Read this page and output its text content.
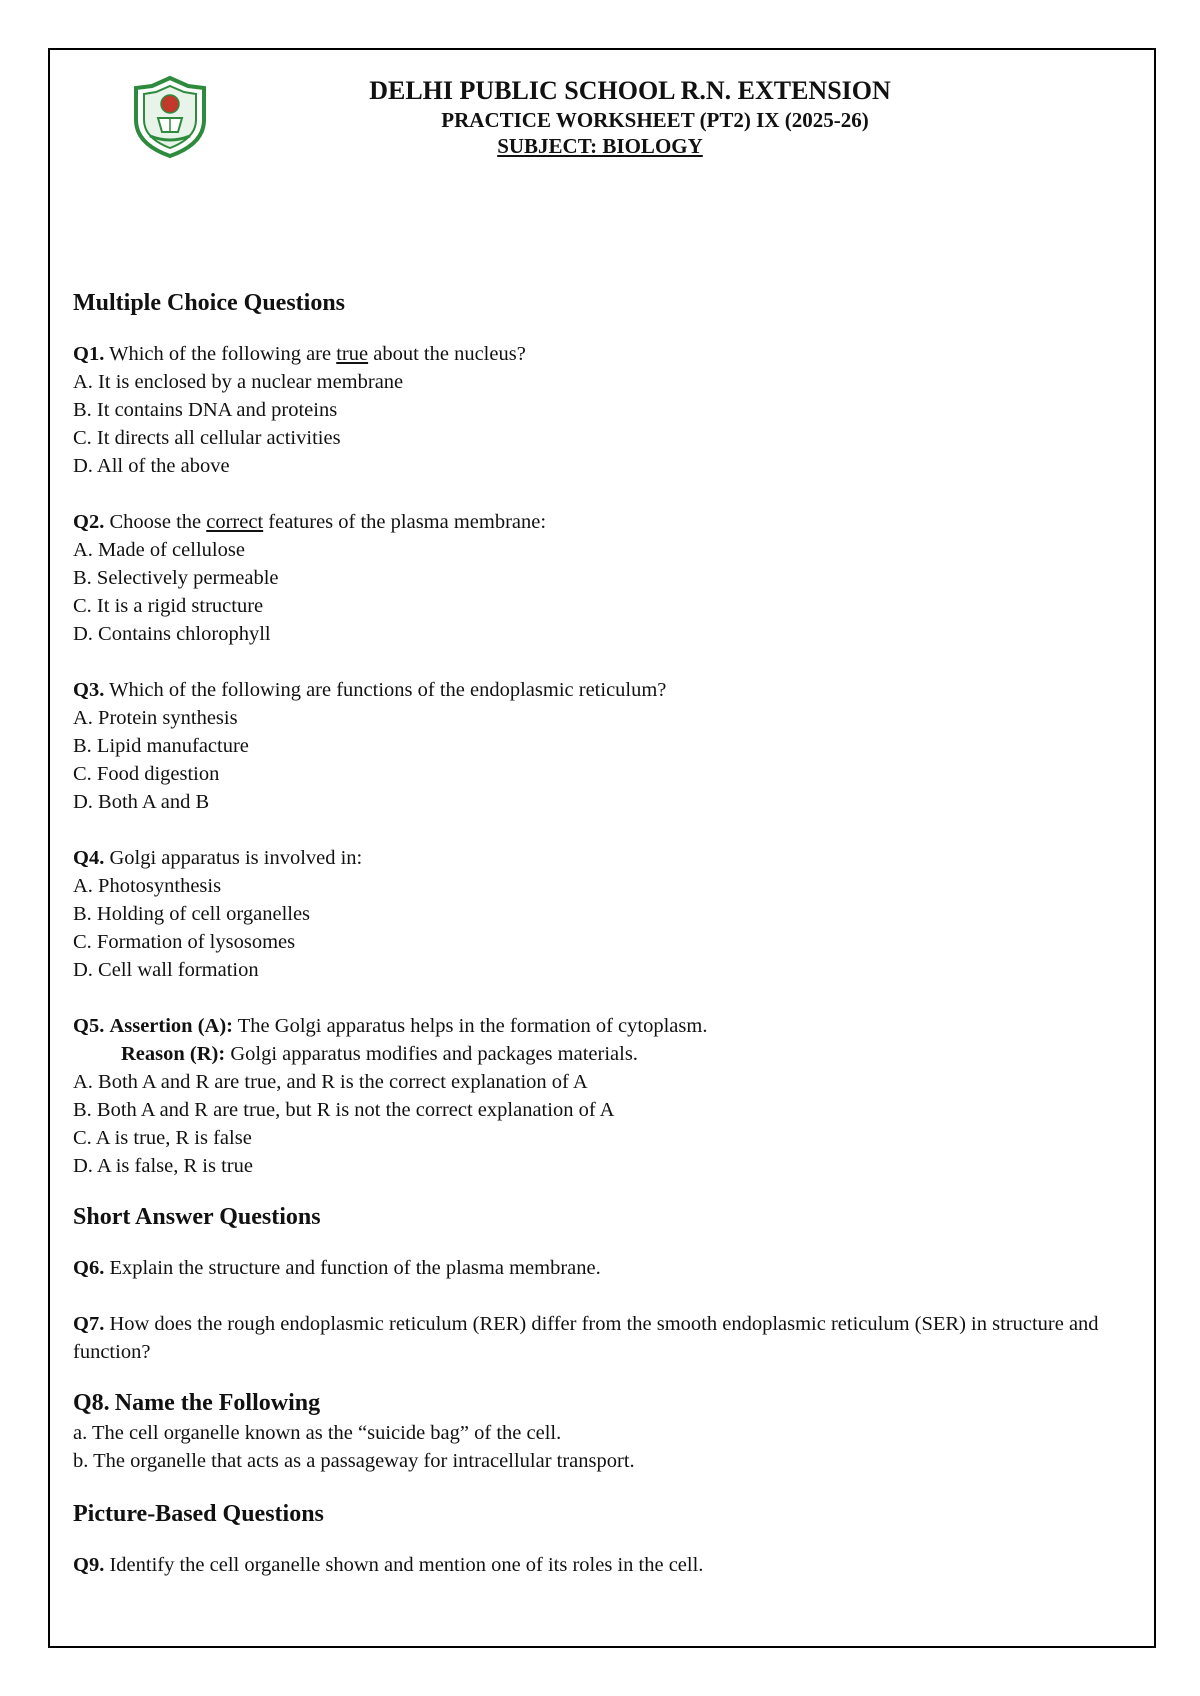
DELHI PUBLIC SCHOOL R.N. EXTENSION
PRACTICE WORKSHEET (PT2) IX (2025-26)
SUBJECT: BIOLOGY
Multiple Choice Questions

Q1. Which of the following are true about the nucleus?

A. It is enclosed by a nuclear membrane

B. It contains DNA and proteins

C. It directs all cellular activities

D. All of the above

Q2. Choose the correct features of the plasma membrane:

A. Made of cellulose

B. Selectively permeable

C. It is a rigid structure

D. Contains chlorophyll

Q3. Which of the following are functions of the endoplasmic reticulum?

A. Protein synthesis

B. Lipid manufacture

C. Food digestion

D. Both A and B

Q4. Golgi apparatus is involved in:

A. Photosynthesis

B. Holding of cell organelles

C. Formation of lysosomes

D. Cell wall formation

Q5. Assertion (A): The Golgi apparatus helps in the formation of cytoplasm.

Reason (R): Golgi apparatus modifies and packages materials.

A. Both A and R are true, and R is the correct explanation of A

B. Both A and R are true, but R is not the correct explanation of A

C. A is true, R is false

D. A is false, R is true

Short Answer Questions

Q6. Explain the structure and function of the plasma membrane.

Q7. How does the rough endoplasmic reticulum (RER) differ from the smooth endoplasmic reticulum (SER) in structure and function?

Q8. Name the Following

a. The cell organelle known as the “suicide bag” of the cell.

b. The organelle that acts as a passageway for intracellular transport.

Picture-Based Questions

Q9. Identify the cell organelle shown and mention one of its roles in the cell.
